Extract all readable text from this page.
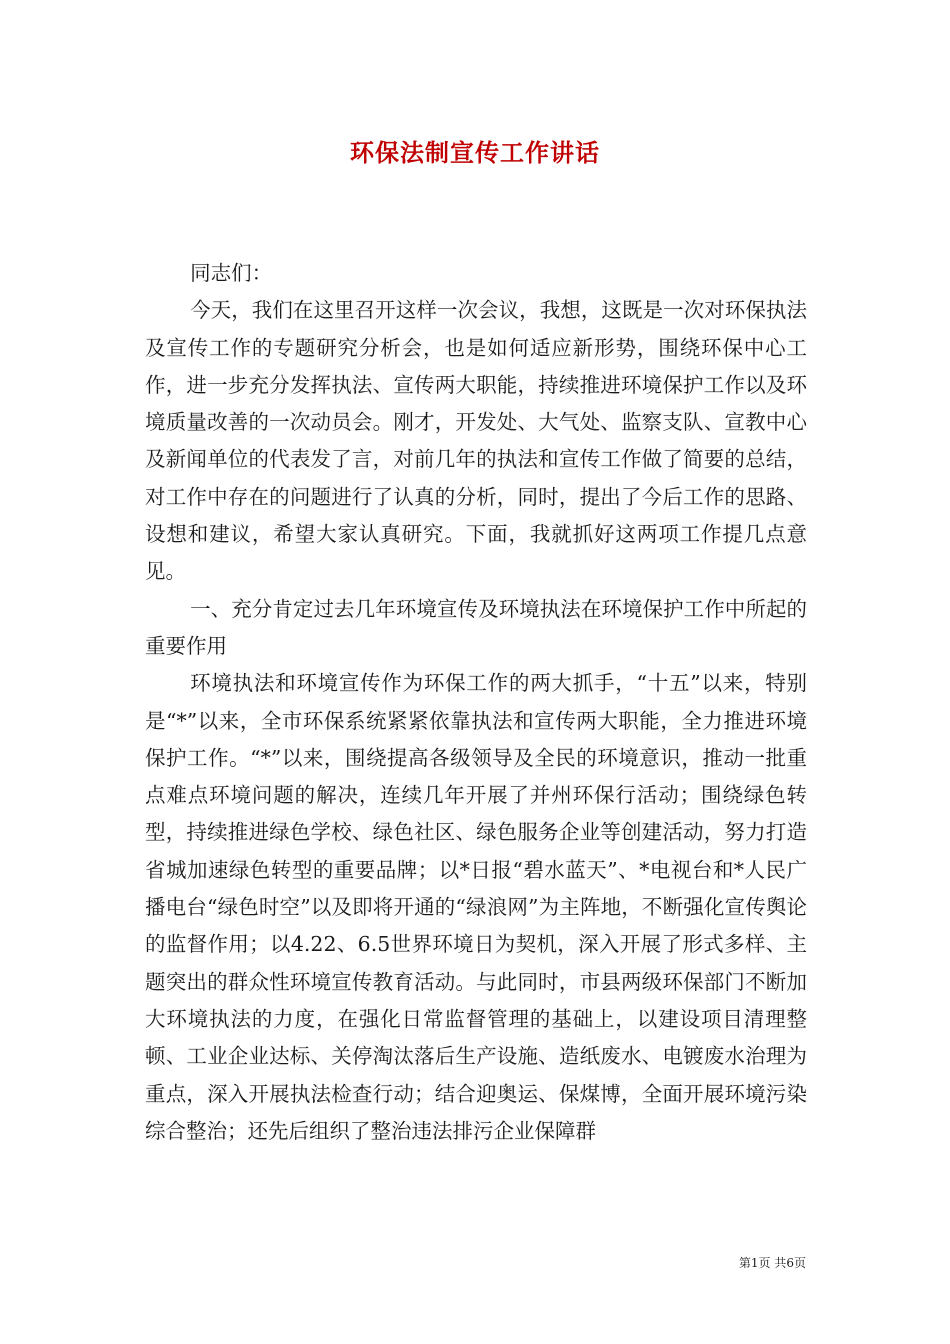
环保法制宣传工作讲话

同志们：

今天，我们在这里召开这样一次会议，我想，这既是一次对环保执法及宣传工作的专题研究分析会，也是如何适应新形势，围绕环保中心工作，进一步充分发挥执法、宣传两大职能，持续推进环境保护工作以及环境质量改善的一次动员会。刚才，开发处、大气处、监察支队、宣教中心及新闻单位的代表发了言，对前几年的执法和宣传工作做了简要的总结，对工作中存在的问题进行了认真的分析，同时，提出了今后工作的思路、设想和建议，希望大家认真研究。下面，我就抓好这两项工作提几点意见。

一、充分肯定过去几年环境宣传及环境执法在环境保护工作中所起的重要作用

环境执法和环境宣传作为环保工作的两大抓手，“十五”以来，特别是“*”以来，全市环保系统紧紧依靠执法和宣传两大职能，全力推进环境保护工作。“*”以来，围绕提高各级领导及全民的环境意识，推动一批重点难点环境问题的解决，连续几年开展了并州环保行活动；围绕绿色转型，持续推进绿色学校、绿色社区、绿色服务企业等创建活动，努力打造省城加速绿色转型的重要品牌；以*日报“碧水蓝天”、*电视台和*人民广播电台“绿色时空”以及即将开通的“绿浪网”为主阵地，不断强化宣传舆论的监督作用；以4.22、6.5世界环境日为契机，深入开展了形式多样、主题突出的群众性环境宣传教育活动。与此同时，市县两级环保部门不断加大环境执法的力度，在强化日常监督管理的基础上，以建设项目清理整顿、工业企业达标、关停淘汰落后生产设施、造纸废水、电镀废水治理为重点，深入开展执法检查行动；结合迎奥运、保煤博，全面开展环境污染综合整治；还先后组织了整治违法排污企业保障群

第1页 共6页
